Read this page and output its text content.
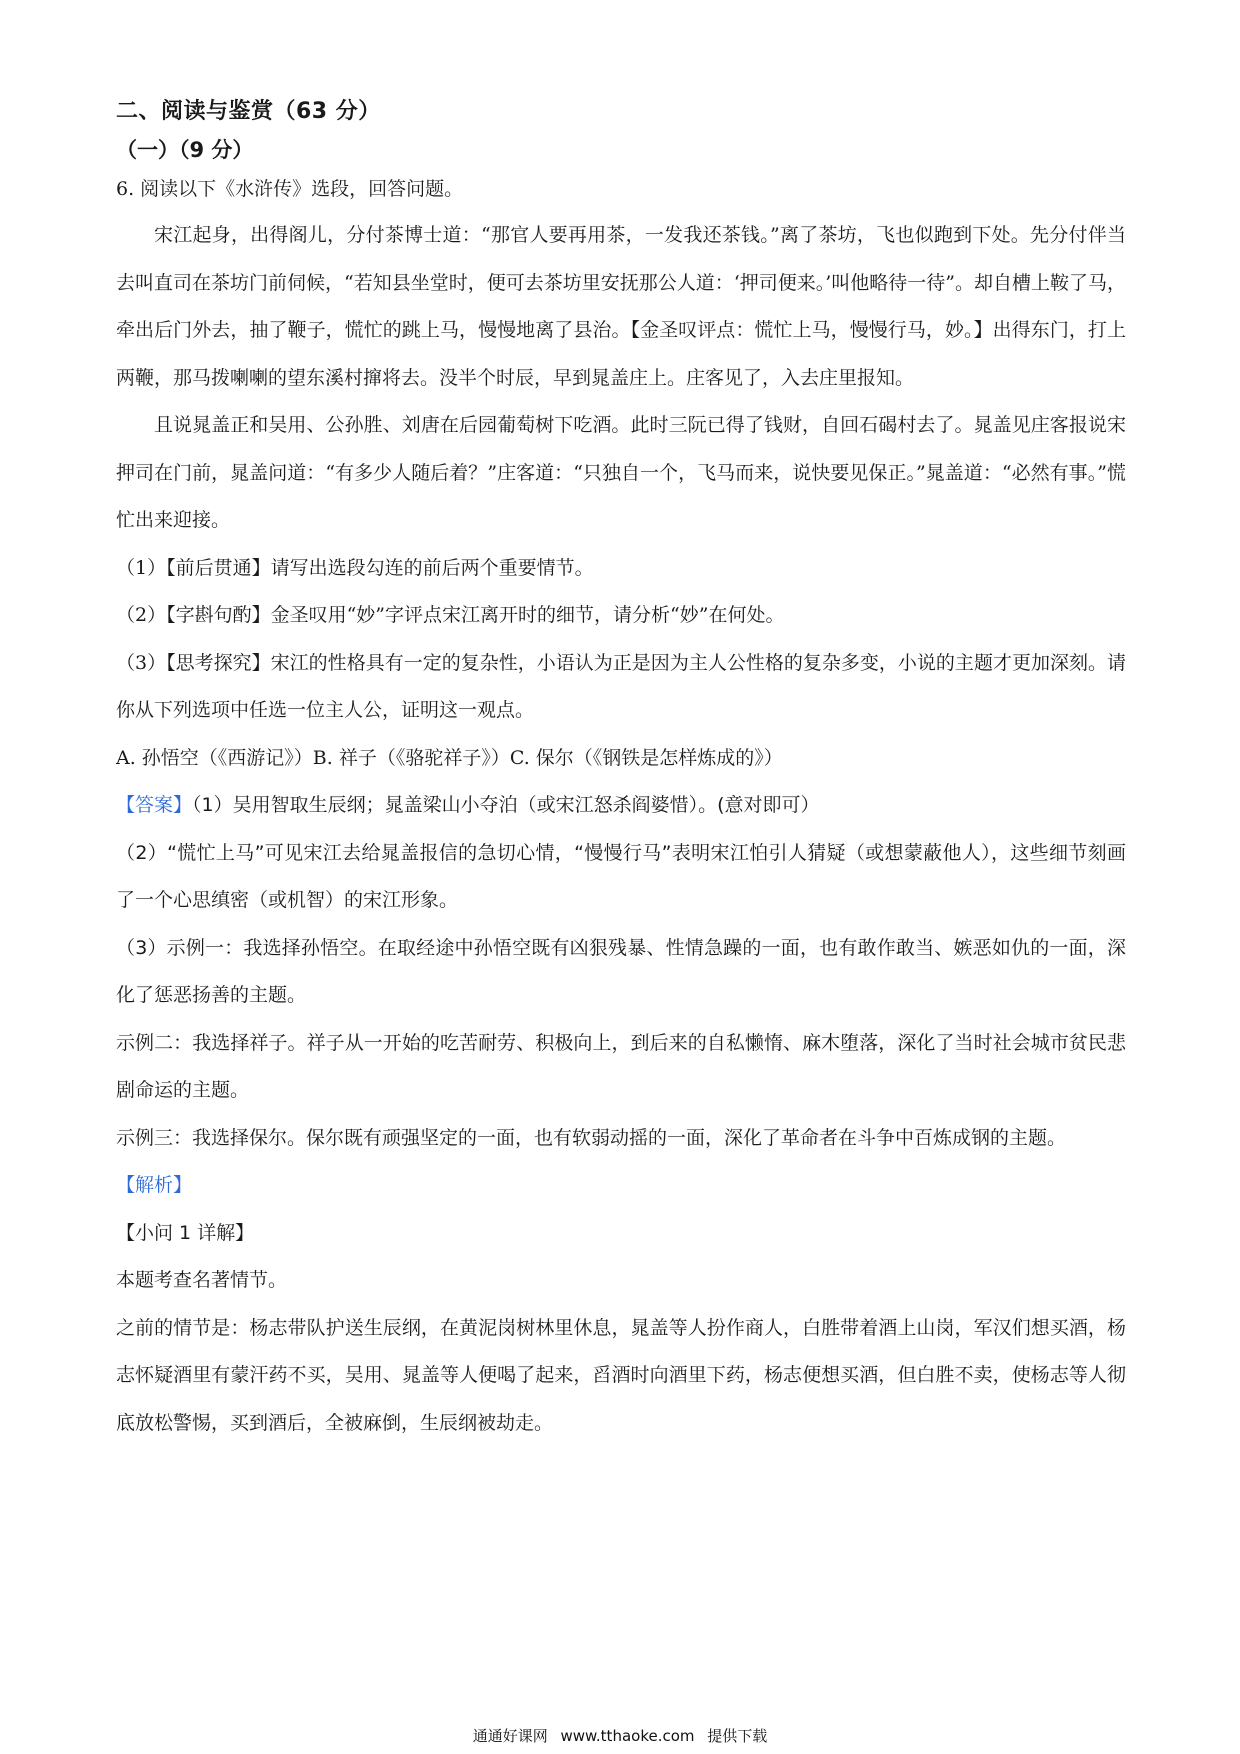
二、阅读与鉴赏（63 分）
（一）（9 分）
6. 阅读以下《水浒传》选段，回答问题。

宋江起身，出得阁儿，分付茶博士道：“那官人要再用茶，一发我还茶钱。”离了茶坊，飞也似跑到下处。先分付伴当去叫直司在茶坊门前伺候，“若知县坐堂时，便可去茶坊里安抚那公人道：‘押司便来。’叫他略待一待”。却自槽上鞍了马，牵出后门外去，抽了鞭子，慌忙的跳上马，慢慢地离了县治。【金圣叹评点：慌忙上马，慢慢行马，妙。】出得东门，打上两鞭，那马拨喇喇的望东溪村撺将去。没半个时辰，早到晁盖庄上。庄客见了，入去庄里报知。

且说晁盖正和吴用、公孙胜、刘唐在后园葡萄树下吃酒。此时三阮已得了钱财，自回石碣村去了。晁盖见庄客报说宋押司在门前，晁盖问道：“有多少人随后着？”庄客道：“只独自一个，飞马而来，说快要见保正。”晁盖道：“必然有事。”慌忙出来迎接。

（1）【前后贯通】请写出选段勾连的前后两个重要情节。

（2）【字斟句酌】金圣叹用“妙”字评点宋江离开时的细节，请分析“妙”在何处。

（3）【思考探究】宋江的性格具有一定的复杂性，小语认为正是因为主人公性格的复杂多变，小说的主题才更加深刻。请你从下列选项中任选一位主人公，证明这一观点。

A. 孙悟空（《西游记》）B. 祥子（《骆驼祥子》）C. 保尔（《钢铁是怎样炼成的》）

【答案】（1）吴用智取生辰纲；晁盖梁山小夺泊（或宋江怒杀阎婆惜）。(意对即可）

（2）“慌忙上马”可见宋江去给晁盖报信的急切心情，“慢慢行马”表明宋江怕引人猜疑（或想蒙蔽他人），这些细节刻画了一个心思缜密（或机智）的宋江形象。

（3）示例一：我选择孙悟空。在取经途中孙悟空既有凶狠残暴、性情急躁的一面，也有敢作敢当、嫉恶如仇的一面，深化了惩恶扬善的主题。

示例二：我选择祥子。祥子从一开始的吃苦耐劳、积极向上，到后来的自私懒惰、麻木堕落，深化了当时社会城市贫民悲剧命运的主题。

示例三：我选择保尔。保尔既有顽强坚定的一面，也有软弱动摇的一面，深化了革命者在斗争中百炼成钢的主题。

【解析】

【小问 1 详解】

本题考查名著情节。

之前的情节是：杨志带队护送生辰纲，在黄泥岗树林里休息，晁盖等人扮作商人，白胜带着酒上山岗，军汉们想买酒，杨志怀疑酒里有蒙汗药不买，吴用、晁盖等人便喝了起来，舀酒时向酒里下药，杨志便想买酒，但白胜不卖，使杨志等人彻底放松警惕，买到酒后，全被麻倒，生辰纲被劫走。

通通好课网 www.tthaoke.com 提供下载
